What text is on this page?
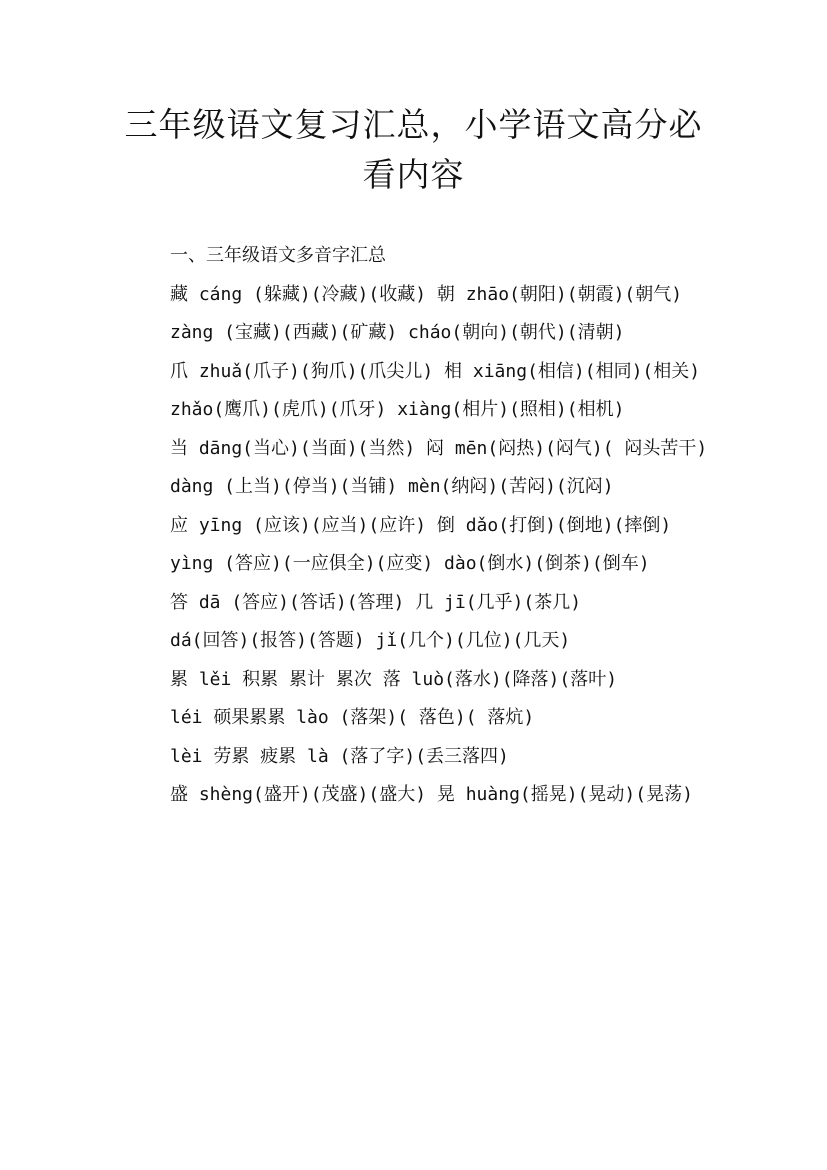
三年级语文复习汇总，小学语文高分必看内容

一、三年级语文多音字汇总

藏 cáng (躲藏)(冷藏)(收藏) 朝 zhāo(朝阳)(朝霞)(朝气)

zàng (宝藏)(西藏)(矿藏) cháo(朝向)(朝代)(清朝)

爪 zhuǎ(爪子)(狗爪)(爪尖儿) 相 xiāng(相信)(相同)(相关)

zhǎo(鹰爪)(虎爪)(爪牙) xiàng(相片)(照相)(相机)

当 dāng(当心)(当面)(当然) 闷 mēn(闷热)(闷气)( 闷头苦干)

dàng (上当)(停当)(当铺) mèn(纳闷)(苦闷)(沉闷)

应 yīng (应该)(应当)(应许) 倒 dǎo(打倒)(倒地)(摔倒)

yìng (答应)(一应俱全)(应变) dào(倒水)(倒茶)(倒车)

答 dā (答应)(答话)(答理) 几 jī(几乎)(茶几)

dá(回答)(报答)(答题) jǐ(几个)(几位)(几天)

累 lěi 积累 累计 累次 落 luò(落水)(降落)(落叶)

léi 硕果累累 lào (落架)( 落色)( 落炕)

lèi 劳累 疲累 là (落了字)(丢三落四)

盛 shèng(盛开)(茂盛)(盛大) 晃 huàng(摇晃)(晃动)(晃荡)
